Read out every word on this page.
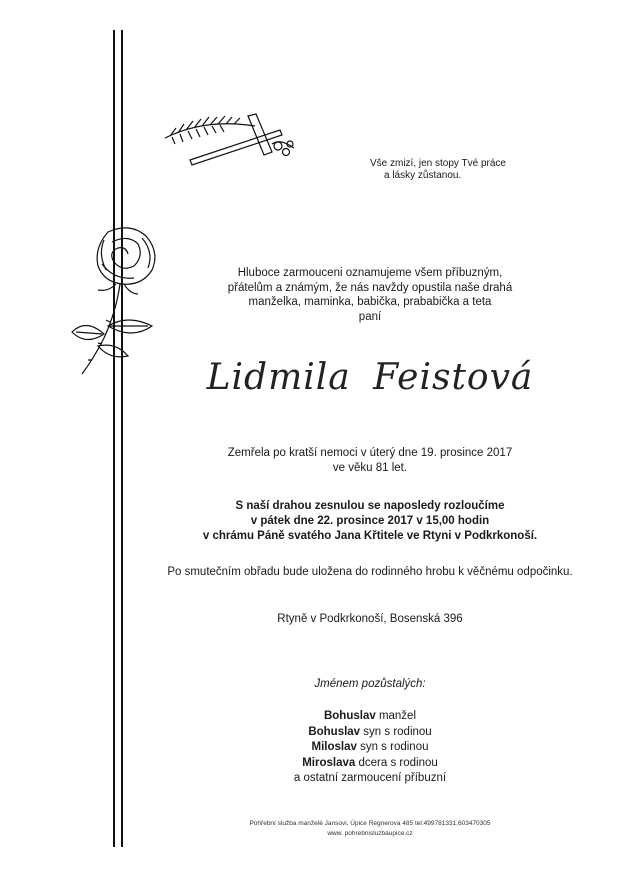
Vše zmizí, jen stopy Tvé práce
a lásky zůstanou.
Hluboce zarmouceni oznamujeme všem příbuzným,
přátelům a známým, že nás navždy opustila naše drahá
manželka, maminka, babička, prababička a teta
paní
Lidmila Feistová
Zemřela po kratší nemoci v úterý dne 19. prosince 2017
ve věku 81 let.
S naší drahou zesnulou se naposledy rozloučíme
v pátek dne 22. prosince 2017 v 15,00 hodin
v chrámu Páně svatého Jana Křtitele ve Rtyni v Podkrkonoší.
Po smutečním obřadu bude uložena do rodinného hrobu k věčnému odpočinku.
Rtyně v Podkrkonoší, Bosenská 396
Jménem pozůstalých:
Bohuslav manžel
Bohuslav syn s rodinou
Miloslav syn s rodinou
Miroslava dcera s rodinou
a ostatní zarmoucení příbuzní
Pohřební služba manželé Jansovi, Úpice Regnerova 485 tel:499781331,603470305
www. pohrebnisluzbaupice.cz
